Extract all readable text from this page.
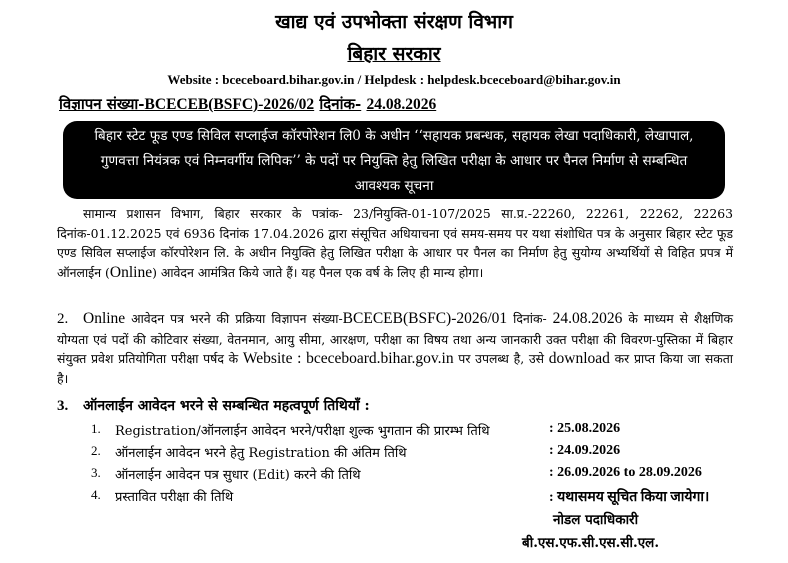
खाद्य एवं उपभोक्ता संरक्षण विभाग
बिहार सरकार
Website : bceceboard.bihar.gov.in / Helpdesk : helpdesk.bceceboard@bihar.gov.in
विज्ञापन संख्या-BCECEB(BSFC)-2026/02 दिनांक- 24.08.2026
बिहार स्टेट फूड एण्ड सिविल सप्लाईज कॉरपोरेशन लि0 के अधीन ‘‘सहायक प्रबन्धक, सहायक लेखा पदाधिकारी, लेखापाल, गुणवत्ता नियंत्रक एवं निम्नवर्गीय लिपिक’’ के पदों पर नियुक्ति हेतु लिखित परीक्षा के आधार पर पैनल निर्माण से सम्बन्धित आवश्यक सूचना
सामान्य प्रशासन विभाग, बिहार सरकार के पत्रांक- 23/नियुक्ति-01-107/2025 सा.प्र.-22260, 22261, 22262, 22263 दिनांक-01.12.2025 एवं 6936 दिनांक 17.04.2026 द्वारा संसूचित अधियाचना एवं समय-समय पर यथा संशोधित पत्र के अनुसार बिहार स्टेट फूड एण्ड सिविल सप्लाईज कॉरपोरेशन लि. के अधीन नियुक्ति हेतु लिखित परीक्षा के आधार पर पैनल का निर्माण हेतु सुयोग्य अभ्यर्थियों से विहित प्रपत्र में ऑनलाईन (Online) आवेदन आमंत्रित किये जाते हैं। यह पैनल एक वर्ष के लिए ही मान्य होगा।
2. Online आवेदन पत्र भरने की प्रक्रिया विज्ञापन संख्या-BCECEB(BSFC)-2026/01 दिनांक- 24.08.2026 के माध्यम से शैक्षणिक योग्यता एवं पदों की कोटिवार संख्या, वेतनमान, आयु सीमा, आरक्षण, परीक्षा का विषय तथा अन्य जानकारी उक्त परीक्षा की विवरण-पुस्तिका में बिहार संयुक्त प्रवेश प्रतियोगिता परीक्षा पर्षद के Website : bceceboard.bihar.gov.in पर उपलब्ध है, उसे download कर प्राप्त किया जा सकता है।
3. ऑनलाईन आवेदन भरने से सम्बन्धित महत्वपूर्ण तिथियाँ :
1. Registration/ऑनलाईन आवेदन भरने/परीक्षा शुल्क भुगतान की प्रारम्भ तिथि	: 25.08.2026
2. ऑनलाईन आवेदन भरने हेतु Registration की अंतिम तिथि	: 24.09.2026
3. ऑनलाईन आवेदन पत्र सुधार (Edit) करने की तिथि	: 26.09.2026 to 28.09.2026
4. प्रस्तावित परीक्षा की तिथि	: यथासमय सूचित किया जायेगा।
नोडल पदाधिकारी
बी.एस.एफ.सी.एस.सी.एल.
